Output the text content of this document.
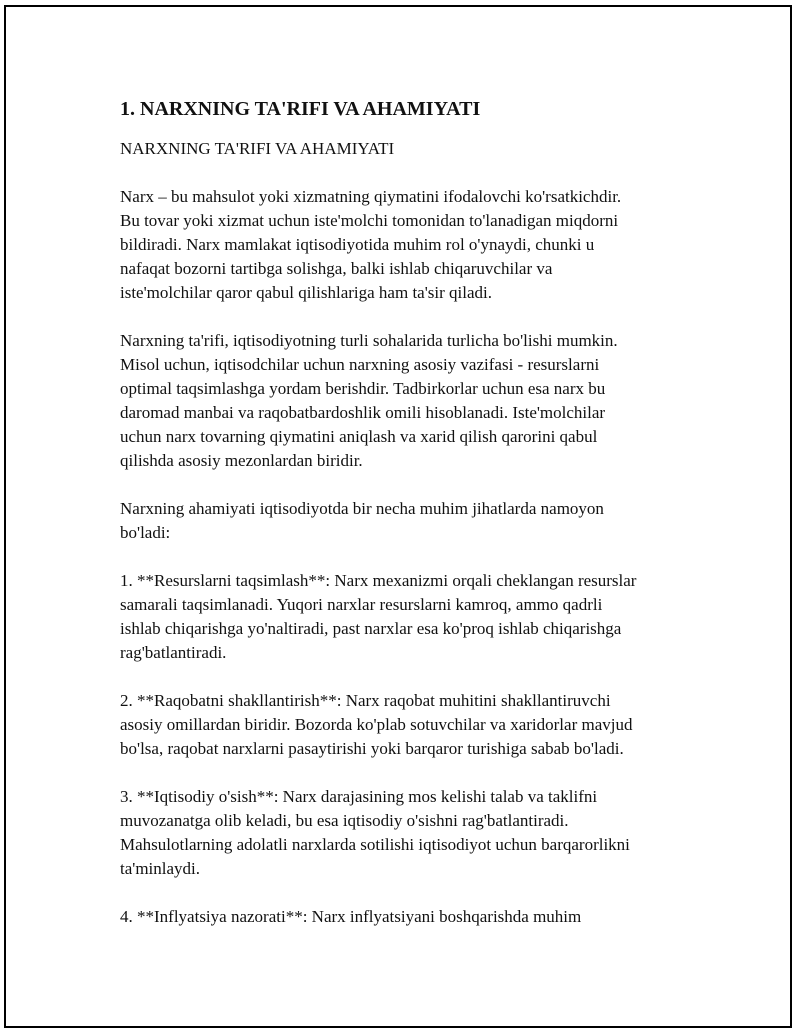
1. NARXNING TA'RIFI VA AHAMIYATI
NARXNING TA'RIFI VA AHAMIYATI
Narx – bu mahsulot yoki xizmatning qiymatini ifodalovchi ko'rsatkichdir.
Bu tovar yoki xizmat uchun iste'molchi tomonidan to'lanadigan miqdorni
bildiradi. Narx mamlakat iqtisodiyotida muhim rol o'ynaydi, chunki u
nafaqat bozorni tartibga solishga, balki ishlab chiqaruvchilar va
iste'molchilar qaror qabul qilishlariga ham ta'sir qiladi.
Narxning ta'rifi, iqtisodiyotning turli sohalarida turlicha bo'lishi mumkin.
Misol uchun, iqtisodchilar uchun narxning asosiy vazifasi - resurslarni
optimal taqsimlashga yordam berishdir. Tadbirkorlar uchun esa narx bu
daromad manbai va raqobatbardoshlik omili hisoblanadi. Iste'molchilar
uchun narx tovarning qiymatini aniqlash va xarid qilish qarorini qabul
qilishda asosiy mezonlardan biridir.
Narxning ahamiyati iqtisodiyotda bir necha muhim jihatlarda namoyon
bo'ladi:
1. **Resurslarni taqsimlash**: Narx mexanizmi orqali cheklangan resurslar
samarali taqsimlanadi. Yuqori narxlar resurslarni kamroq, ammo qadrli
ishlab chiqarishga yo'naltiradi, past narxlar esa ko'proq ishlab chiqarishga
rag'batlantiradi.
2. **Raqobatni shakllantirish**: Narx raqobat muhitini shakllantiruvchi
asosiy omillardan biridir. Bozorda ko'plab sotuvchilar va xaridorlar mavjud
bo'lsa, raqobat narxlarni pasaytirishi yoki barqaror turishiga sabab bo'ladi.
3. **Iqtisodiy o'sish**: Narx darajasining mos kelishi talab va taklifni
muvozanatga olib keladi, bu esa iqtisodiy o'sishni rag'batlantiradi.
Mahsulotlarning adolatli narxlarda sotilishi iqtisodiyot uchun barqarorlikni
ta'minlaydi.
4. **Inflyatsiya nazorati**: Narx inflyatsiyani boshqarishda muhim
